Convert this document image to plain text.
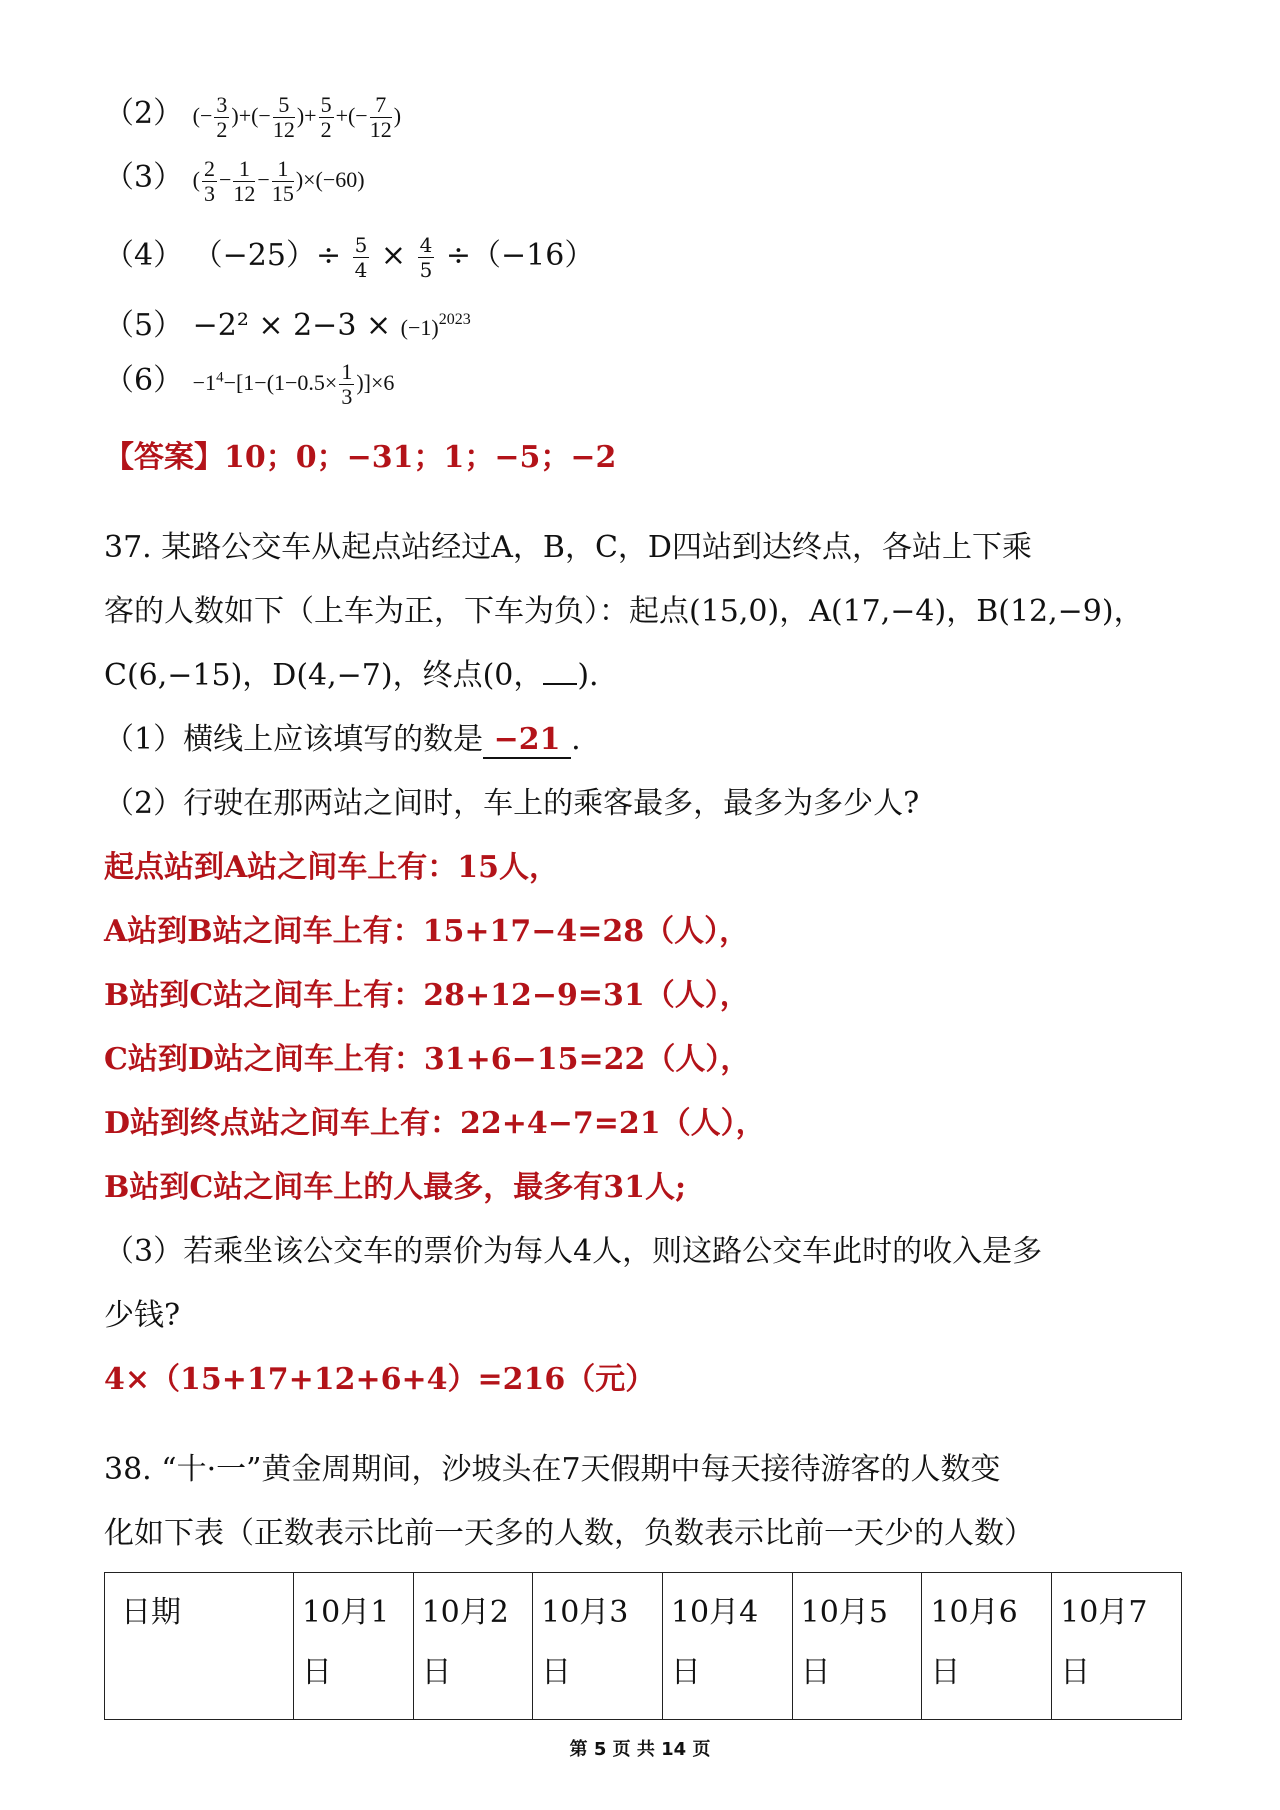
（2） (− $\frac{3}{2}$ )+(− $\frac{5}{12}$ )+ $\frac{5}{2}$ +(− $\frac{7}{12}$ )
（3） ( $\frac{2}{3} - \frac{1}{12} - \frac{1}{15} )\times(-60)$
（4） $(-25)\div \frac{5}{4} \times \frac{4}{5} \div(-16)$
$(5) -2^2 \times 2-3 \times (-1)^{2023}$
$(6) -1^4-[1-(1-0.5\times \frac{1}{3} )]\times 6$
【答案】10；0；−31；1；−5；−2
37. 某路公交车从起点站经过A，B，C，D四站到达终点，各站上下乘
客的人数如下（上车为正，下车为负）：起点(15,0)，A(17,−4)，B(12,−9)，
C(6,−15)，D(4,−7)，终点(0， )．
（1）横线上应该填写的数是 −21 .
（2）行驶在那两站之间时，车上的乘客最多，最多为多少人?
起点站到A站之间车上有：15人，
A站到B站之间车上有：15+17−4=28（人），
B站到C站之间车上有：28+12−9=31（人），
C站到D站之间车上有：31+6−15=22（人），
D站到终点站之间车上有：22+4−7=21（人），
B站到C站之间车上的人最多，最多有31人;
（3）若乘坐该公交车的票价为每人4人，则这路公交车此时的收入是多
少钱?
4×（15+17+12+6+4）=216（元）
38. “十·一”黄金周期间，沙坡头在7天假期中每天接待游客的人数变
化如下表（正数表示比前一天多的人数，负数表示比前一天少的人数）
日期	10月1日	10月2日	10月3日	10月4日	10月5日	10月6日	10月7日
第 5 页 共 14 页
